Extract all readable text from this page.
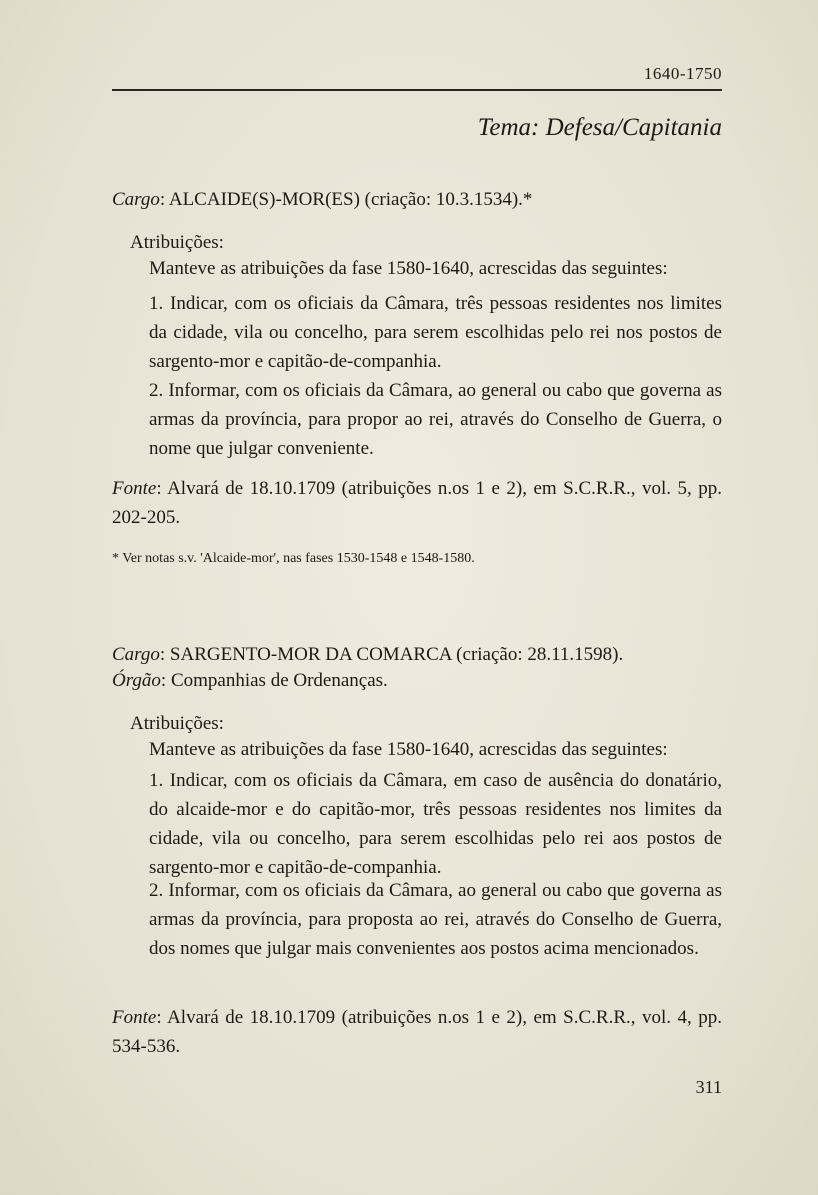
1640-1750
Tema: Defesa/Capitania
Cargo: ALCAIDE(S)-MOR(ES) (criação: 10.3.1534).*
Atribuições:
Manteve as atribuições da fase 1580-1640, acrescidas das seguintes:
1. Indicar, com os oficiais da Câmara, três pessoas residentes nos limites da cidade, vila ou concelho, para serem escolhidas pelo rei nos postos de sargento-mor e capitão-de-companhia.
2. Informar, com os oficiais da Câmara, ao general ou cabo que governa as armas da província, para propor ao rei, através do Conselho de Guerra, o nome que julgar conveniente.
Fonte: Alvará de 18.10.1709 (atribuições n.os 1 e 2), em S.C.R.R., vol. 5, pp. 202-205.
* Ver notas s.v. 'Alcaide-mor', nas fases 1530-1548 e 1548-1580.
Cargo: SARGENTO-MOR DA COMARCA (criação: 28.11.1598).
Órgão: Companhias de Ordenanças.
Atribuições:
Manteve as atribuições da fase 1580-1640, acrescidas das seguintes:
1. Indicar, com os oficiais da Câmara, em caso de ausência do donatário, do alcaide-mor e do capitão-mor, três pessoas residentes nos limites da cidade, vila ou concelho, para serem escolhidas pelo rei aos postos de sargento-mor e capitão-de-companhia.
2. Informar, com os oficiais da Câmara, ao general ou cabo que governa as armas da província, para proposta ao rei, através do Conselho de Guerra, dos nomes que julgar mais convenientes aos postos acima mencionados.
Fonte: Alvará de 18.10.1709 (atribuições n.os 1 e 2), em S.C.R.R., vol. 4, pp. 534-536.
311
